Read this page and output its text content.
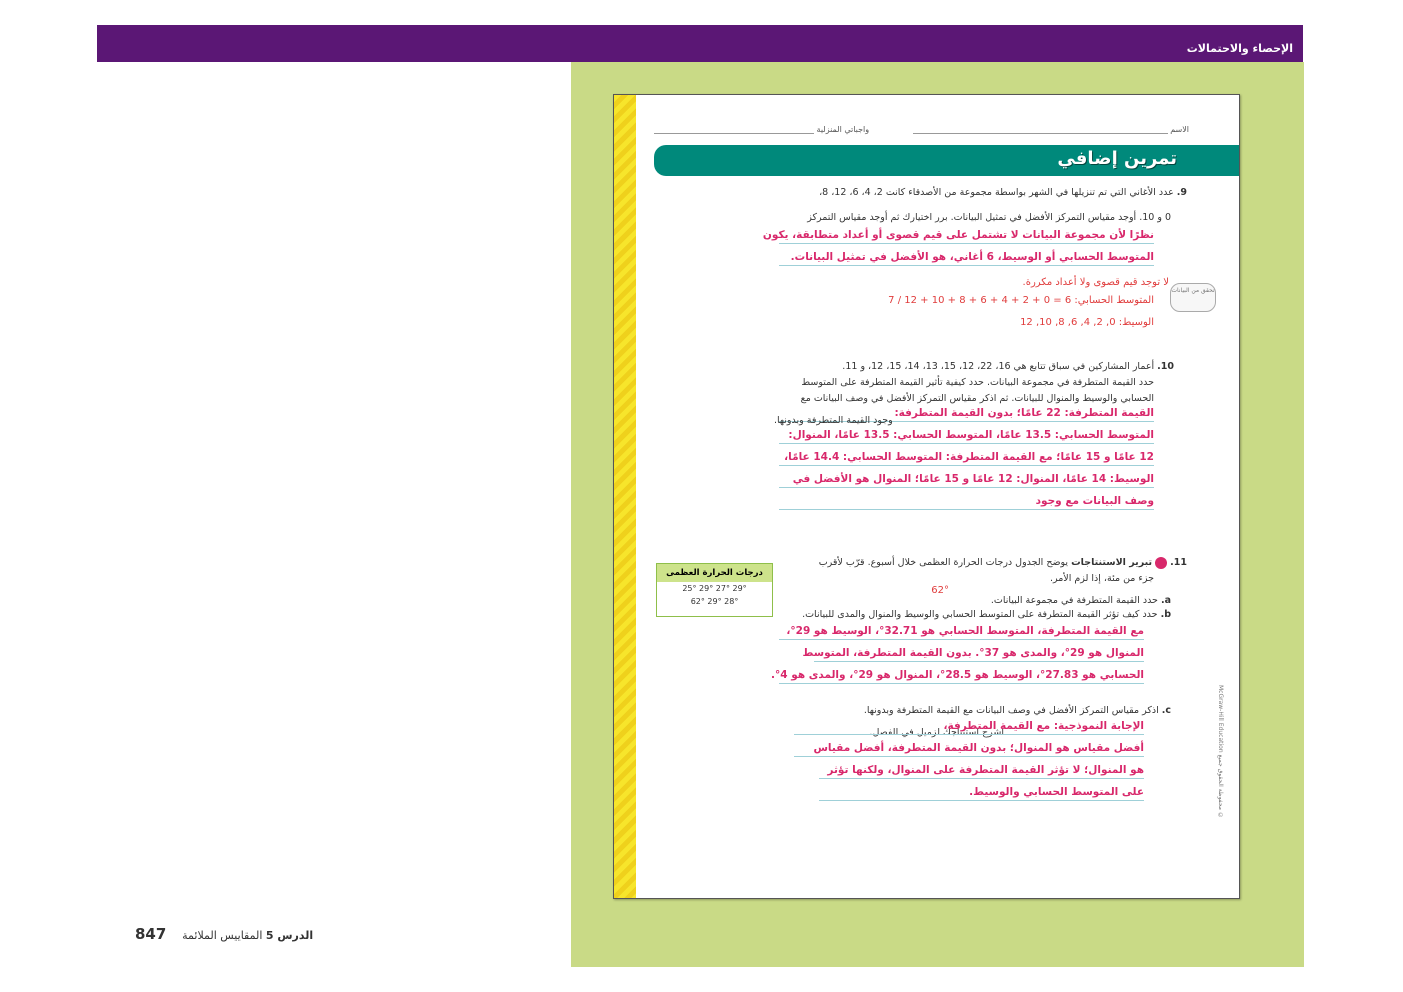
الإحصاء والاحتمالات
الاسم
واجباتي المنزلية
تمرين إضافي
9. عدد الأغاني التي تم تنزيلها في الشهر بواسطة مجموعة من الأصدقاء كانت 2، 4، 6، 12، 8،
0 و 10. أوجد مقياس التمركز الأفضل في تمثيل البيانات. برر اختيارك ثم أوجد مقياس التمركز
نظرًا لأن مجموعة البيانات لا تشتمل على قيم قصوى أو أعداد متطابقة، يكون
المتوسط الحسابي أو الوسيط، 6 أغاني، هو الأفضل في تمثيل البيانات.
لا توجد قيم قصوى ولا أعداد مكررة.
المتوسط الحسابي: 6 = 0 + 2 + 4 + 6 + 8 + 10 + 12 / 7
الوسيط: 0, 2, 4, 6, 8, 10, 12
تحقق من البيانات
10. أعمار المشاركين في سباق تتابع هي 16، 22، 12، 15، 13، 14، 15، 12، و 11.
حدد القيمة المتطرفة في مجموعة البيانات. حدد كيفية تأثير القيمة المتطرفة على المتوسط
الحسابي والوسيط والمنوال للبيانات. ثم اذكر مقياس التمركز الأفضل في وصف البيانات مع
القيمة المتطرفة: 22 عامًا؛ بدون القيمة المتطرفة:
وجود القيمة المتطرفة وبدونها.
المتوسط الحسابي: 13.5 عامًا، المتوسط الحسابي: 13.5 عامًا، المنوال:
12 عامًا و 15 عامًا؛ مع القيمة المتطرفة: المتوسط الحسابي: 14.4 عامًا،
الوسيط: 14 عامًا، المنوال: 12 عامًا و 15 عامًا؛ المنوال هو الأفضل في
وصف البيانات مع وجود
11.  تبرير الاستنتاجات يوضح الجدول درجات الحرارة العظمى خلال أسبوع. قرّب لأقرب
جزء من مئة، إذا لزم الأمر.
a. حدد القيمة المتطرفة في مجموعة البيانات.
62°
b. حدد كيف تؤثر القيمة المتطرفة على المتوسط الحسابي والوسيط والمنوال والمدى للبيانات.
مع القيمة المتطرفة، المتوسط الحسابي هو 32.71°، الوسيط هو 29°،
المنوال هو 29°، والمدى هو 37°. بدون القيمة المتطرفة، المتوسط
الحسابي هو 27.83°، الوسيط هو 28.5°، المنوال هو 29°، والمدى هو 4°.
c. اذكر مقياس التمركز الأفضل في وصف البيانات مع القيمة المتطرفة وبدونها.
اشرح استنتاجك لزميل في الفصل.
الإجابة النموذجية: مع القيمة المتطرفة،
أفضل مقياس هو المنوال؛ بدون القيمة المتطرفة، أفضل مقياس
هو المنوال؛ لا تؤثر القيمة المتطرفة على المنوال، ولكنها تؤثر
على المتوسط الحسابي والوسيط.
درجات الحرارة العظمى
25° 29° 27° 29°
62° 29° 28°
McGraw-Hill Education محفوظة الحقوق جميع ©
847	الدرس 5 المقاييس الملائمة
